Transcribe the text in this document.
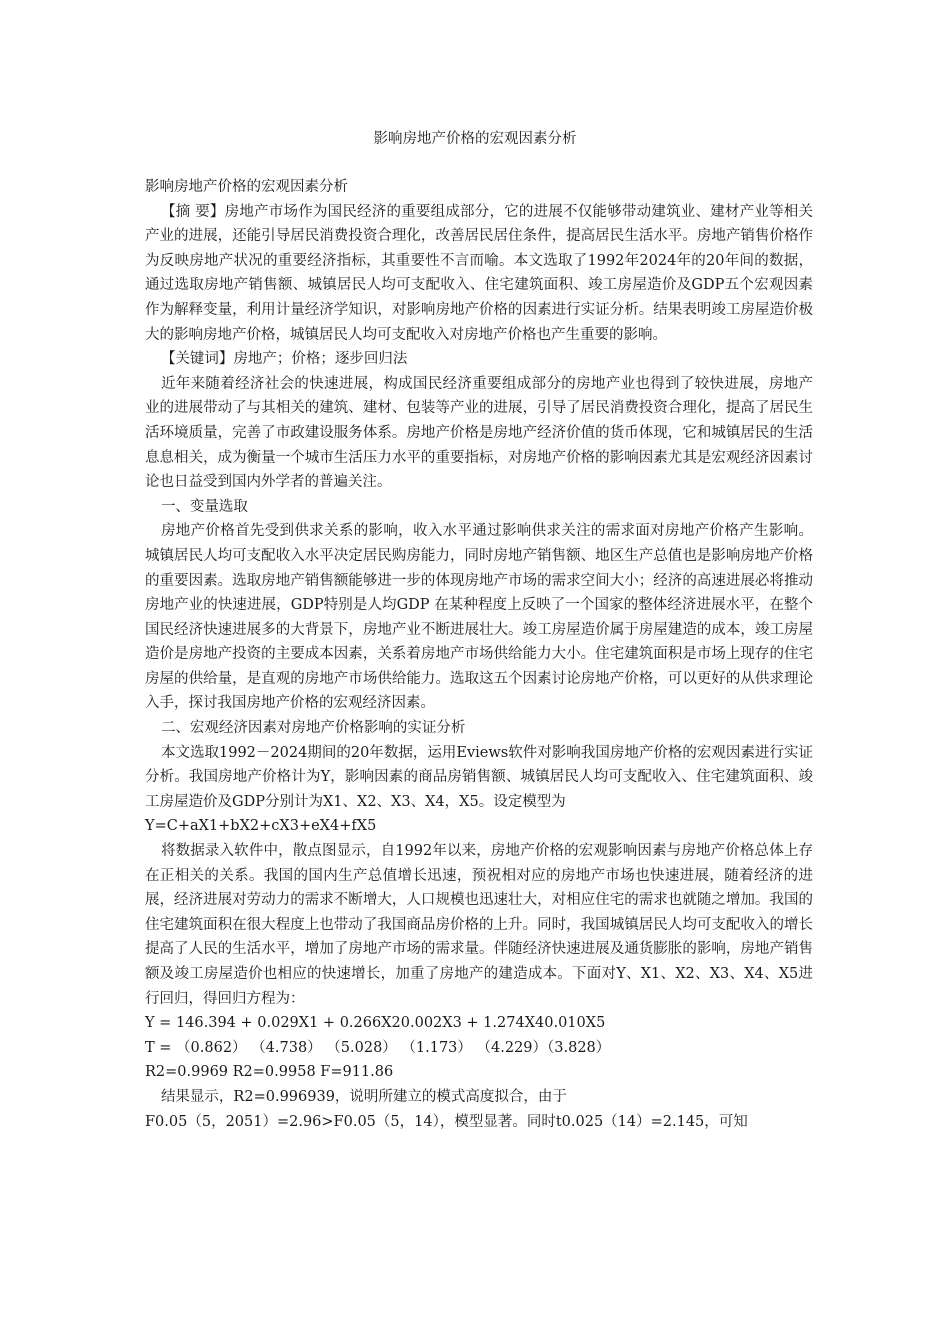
影响房地产价格的宏观因素分析

影响房地产价格的宏观因素分析

【摘 要】房地产市场作为国民经济的重要组成部分，它的进展不仅能够带动建筑业、建材产业等相关产业的进展，还能引导居民消费投资合理化，改善居民居住条件，提高居民生活水平。房地产销售价格作为反映房地产状况的重要经济指标，其重要性不言而喻。本文选取了1992年2024年的20年间的数据，通过选取房地产销售额、城镇居民人均可支配收入、住宅建筑面积、竣工房屋造价及GDP五个宏观因素作为解释变量，利用计量经济学知识，对影响房地产价格的因素进行实证分析。结果表明竣工房屋造价极大的影响房地产价格，城镇居民人均可支配收入对房地产价格也产生重要的影响。

【关键词】房地产；价格；逐步回归法

近年来随着经济社会的快速进展，构成国民经济重要组成部分的房地产业也得到了较快进展，房地产业的进展带动了与其相关的建筑、建材、包装等产业的进展，引导了居民消费投资合理化，提高了居民生活环境质量，完善了市政建设服务体系。房地产价格是房地产经济价值的货币体现，它和城镇居民的生活息息相关，成为衡量一个城市生活压力水平的重要指标，对房地产价格的影响因素尤其是宏观经济因素讨论也日益受到国内外学者的普遍关注。

一、变量选取

房地产价格首先受到供求关系的影响，收入水平通过影响供求关注的需求面对房地产价格产生影响。城镇居民人均可支配收入水平决定居民购房能力，同时房地产销售额、地区生产总值也是影响房地产价格的重要因素。选取房地产销售额能够进一步的体现房地产市场的需求空间大小；经济的高速进展必将推动房地产业的快速进展，GDP特别是人均GDP 在某种程度上反映了一个国家的整体经济进展水平，在整个国民经济快速进展多的大背景下，房地产业不断进展壮大。竣工房屋造价属于房屋建造的成本，竣工房屋造价是房地产投资的主要成本因素，关系着房地产市场供给能力大小。住宅建筑面积是市场上现存的住宅房屋的供给量，是直观的房地产市场供给能力。选取这五个因素讨论房地产价格，可以更好的从供求理论入手，探讨我国房地产价格的宏观经济因素。

二、宏观经济因素对房地产价格影响的实证分析

本文选取1992－2024期间的20年数据，运用Eviews软件对影响我国房地产价格的宏观因素进行实证分析。我国房地产价格计为Y，影响因素的商品房销售额、城镇居民人均可支配收入、住宅建筑面积、竣工房屋造价及GDP分别计为X1、X2、X3、X4，X5。设定模型为

Y=C+aX1+bX2+cX3+eX4+fX5

将数据录入软件中，散点图显示，自1992年以来，房地产价格的宏观影响因素与房地产价格总体上存在正相关的关系。我国的国内生产总值增长迅速，预祝相对应的房地产市场也快速进展，随着经济的进展，经济进展对劳动力的需求不断增大，人口规模也迅速壮大，对相应住宅的需求也就随之增加。我国的住宅建筑面积在很大程度上也带动了我国商品房价格的上升。同时，我国城镇居民人均可支配收入的增长提高了人民的生活水平，增加了房地产市场的需求量。伴随经济快速进展及通货膨胀的影响，房地产销售额及竣工房屋造价也相应的快速增长，加重了房地产的建造成本。下面对Y、X1、X2、X3、X4、X5进行回归，得回归方程为：

Y = 146.394 + 0.029X1 + 0.266X20.002X3 + 1.274X40.010X5

T = （0.862） （4.738） （5.028） （1.173） （4.229）（3.828）

R2=0.9969 R2=0.9958 F=911.86

结果显示，R2=0.996939，说明所建立的模式高度拟合，由于

F0.05（5，2051）=2.96>F0.05（5，14），模型显著。同时t0.025（14）=2.145，可知
